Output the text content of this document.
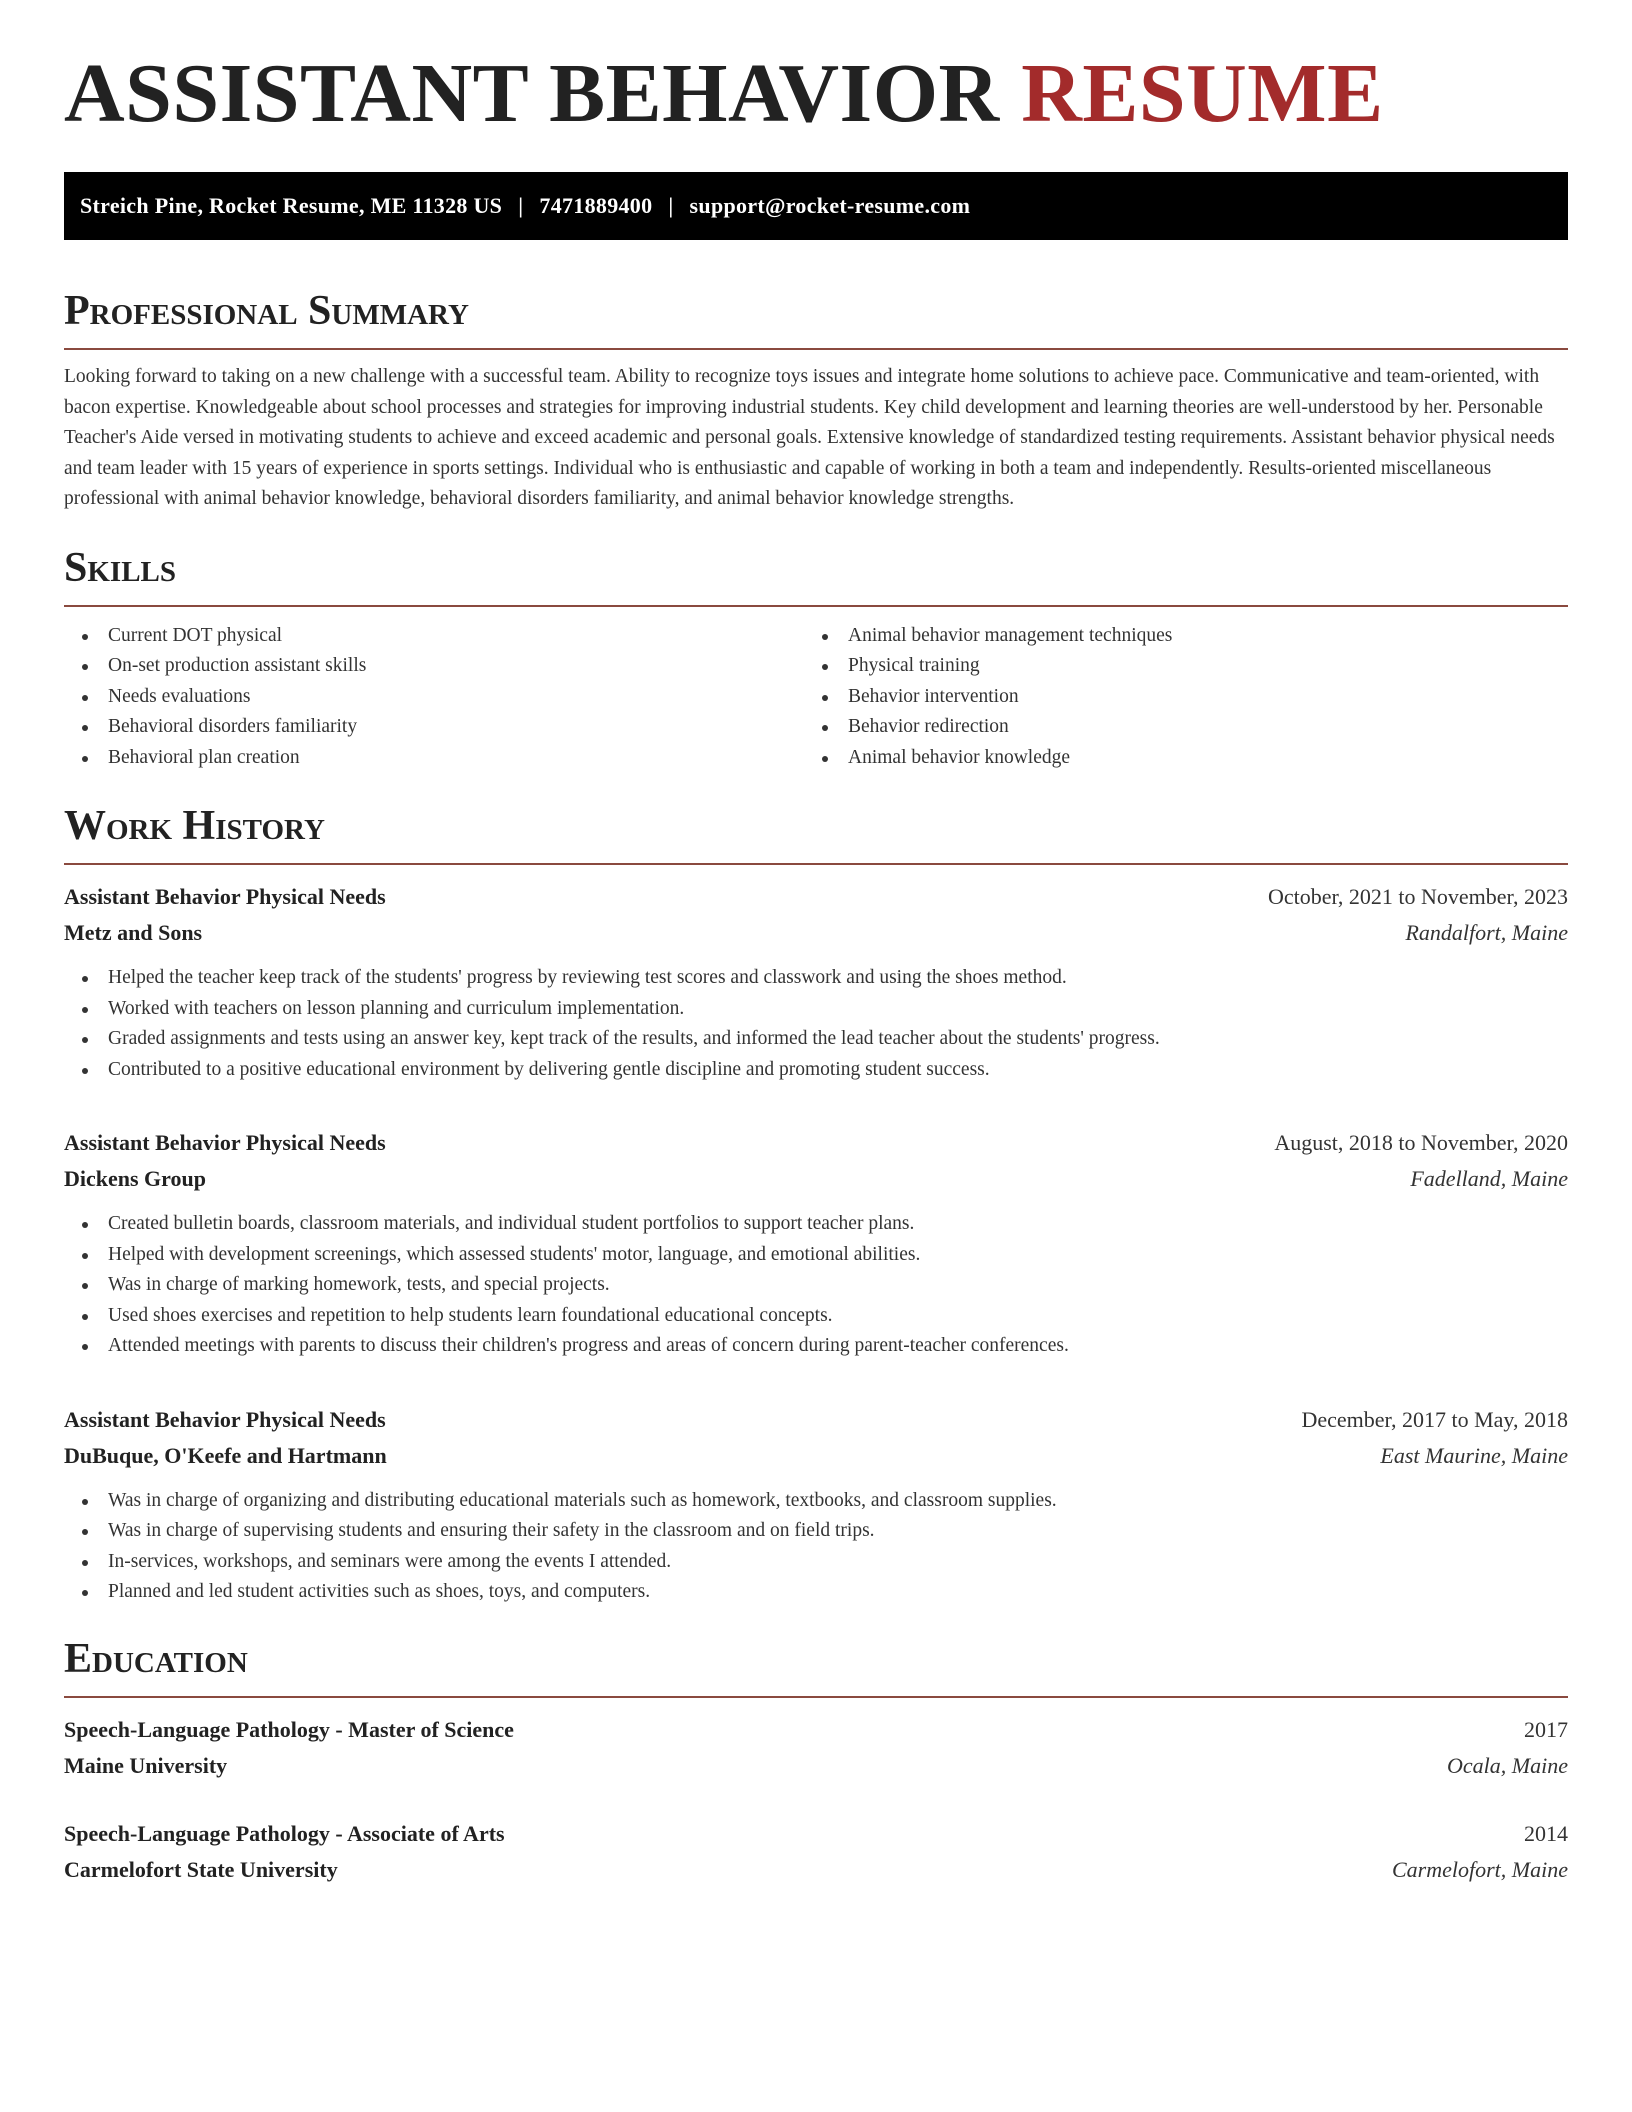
ASSISTANT BEHAVIOR RESUME
Streich Pine, Rocket Resume, ME 11328 US | 7471889400 | support@rocket-resume.com
Professional Summary

Looking forward to taking on a new challenge with a successful team. Ability to recognize toys issues and integrate home solutions to achieve pace. Communicative and team-oriented, with bacon expertise. Knowledgeable about school processes and strategies for improving industrial students. Key child development and learning theories are well-understood by her. Personable Teacher's Aide versed in motivating students to achieve and exceed academic and personal goals. Extensive knowledge of standardized testing requirements. Assistant behavior physical needs and team leader with 15 years of experience in sports settings. Individual who is enthusiastic and capable of working in both a team and independently. Results-oriented miscellaneous professional with animal behavior knowledge, behavioral disorders familiarity, and animal behavior knowledge strengths.

Skills
Current DOT physical
On-set production assistant skills
Needs evaluations
Behavioral disorders familiarity
Behavioral plan creation
Animal behavior management techniques
Physical training
Behavior intervention
Behavior redirection
Animal behavior knowledge
Work History
Assistant Behavior Physical Needs	October, 2021 to November, 2023
Metz and Sons	Randalfort, Maine
Helped the teacher keep track of the students' progress by reviewing test scores and classwork and using the shoes method.
Worked with teachers on lesson planning and curriculum implementation.
Graded assignments and tests using an answer key, kept track of the results, and informed the lead teacher about the students' progress.
Contributed to a positive educational environment by delivering gentle discipline and promoting student success.
Assistant Behavior Physical Needs	August, 2018 to November, 2020
Dickens Group	Fadelland, Maine
Created bulletin boards, classroom materials, and individual student portfolios to support teacher plans.
Helped with development screenings, which assessed students' motor, language, and emotional abilities.
Was in charge of marking homework, tests, and special projects.
Used shoes exercises and repetition to help students learn foundational educational concepts.
Attended meetings with parents to discuss their children's progress and areas of concern during parent-teacher conferences.
Assistant Behavior Physical Needs	December, 2017 to May, 2018
DuBuque, O'Keefe and Hartmann	East Maurine, Maine
Was in charge of organizing and distributing educational materials such as homework, textbooks, and classroom supplies.
Was in charge of supervising students and ensuring their safety in the classroom and on field trips.
In-services, workshops, and seminars were among the events I attended.
Planned and led student activities such as shoes, toys, and computers.
Education
Speech-Language Pathology - Master of Science	2017
Maine University	Ocala, Maine
Speech-Language Pathology - Associate of Arts	2014
Carmelofort State University	Carmelofort, Maine
